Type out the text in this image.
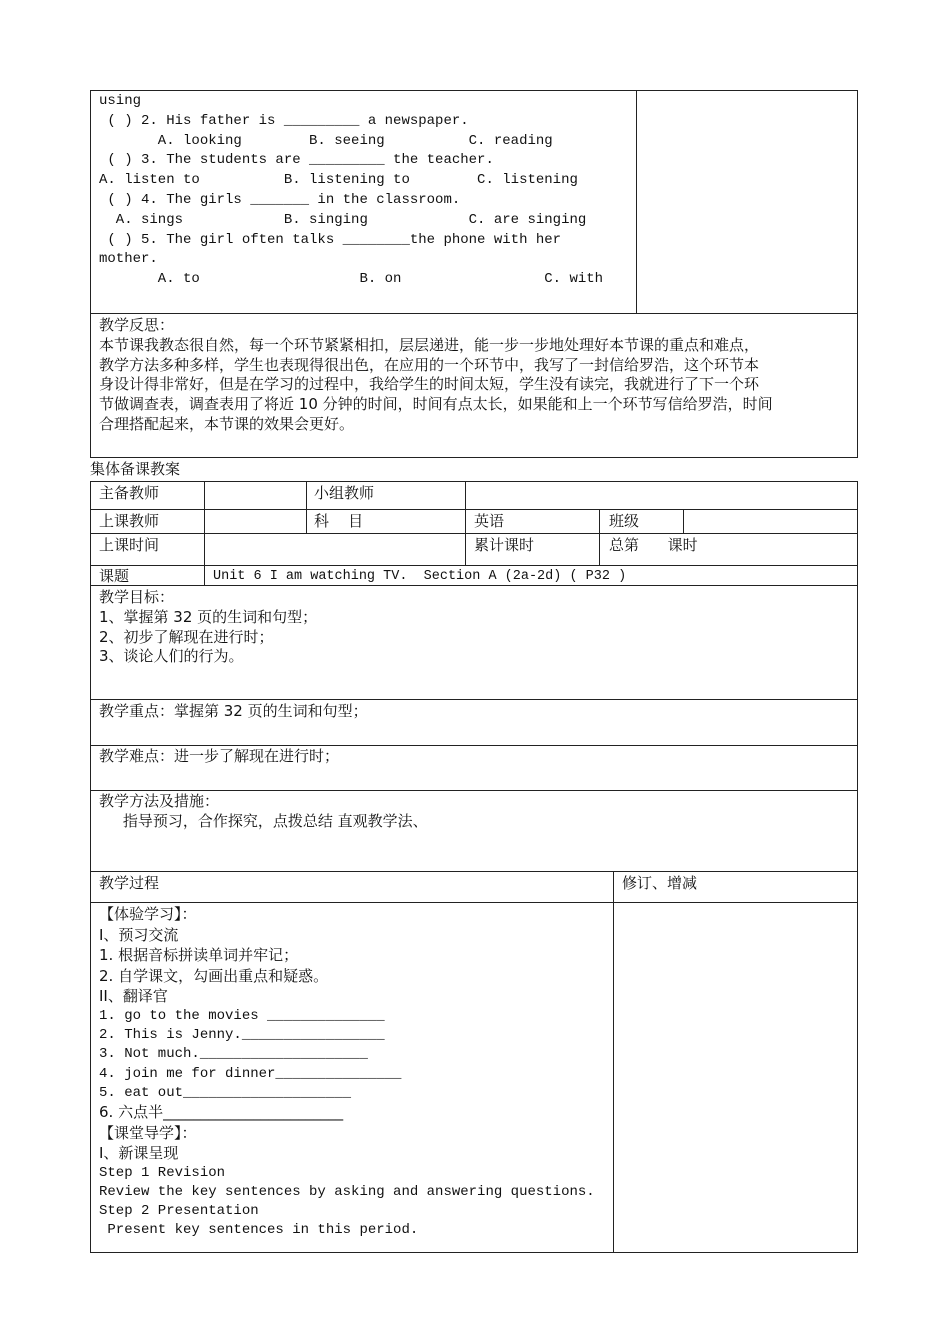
using
( ) 2. His father is _________ a newspaper.
A. looking        B. seeing          C. reading
( ) 3. The students are _________ the teacher.
A. listen to          B. listening to        C. listening
( ) 4. The girls _______ in the classroom.
A. sings            B. singing            C. are singing
( ) 5. The girl often talks ________the phone with her
mother.
A. to                   B. on                 C. with
教学反思：
本节课我教态很自然，每一个环节紧紧相扣，层层递进，能一步一步地处理好本节课的重点和难点，
教学方法多种多样，学生也表现得很出色，在应用的一个环节中，我写了一封信给罗浩，这个环节本
身设计得非常好，但是在学习的过程中，我给学生的时间太短，学生没有读完，我就进行了下一个环
节做调查表，调查表用了将近 10 分钟的时间，时间有点太长，如果能和上一个环节写信给罗浩，时间
合理搭配起来，本节课的效果会更好。
集体备课教案
主备教师	小组教师
上课教师	科    目	英语	班级
上课时间	累计课时	总第      课时
课题	Unit 6 I am watching TV.  Section A (2a-2d) ( P32 )
教学目标：
1、掌握第 32 页的生词和句型；
2、初步了解现在进行时；
3、谈论人们的行为。
教学重点：掌握第 32 页的生词和句型；
教学难点：进一步了解现在进行时；
教学方法及措施：
指导预习，合作探究，点拨总结 直观教学法、
教学过程	修订、增减
【体验学习】：
I、预习交流
1. 根据音标拼读单词并牢记；
2. 自学课文，勾画出重点和疑惑。
II、翻译官
1. go to the movies ______________
2. This is Jenny._________________
3. Not much.____________________
4. join me for dinner_______________
5. eat out____________________
6. 六点半________________________
【课堂导学】：
I、新课呈现
Step 1 Revision
Review the key sentences by asking and answering questions.
Step 2 Presentation
Present key sentences in this period.
